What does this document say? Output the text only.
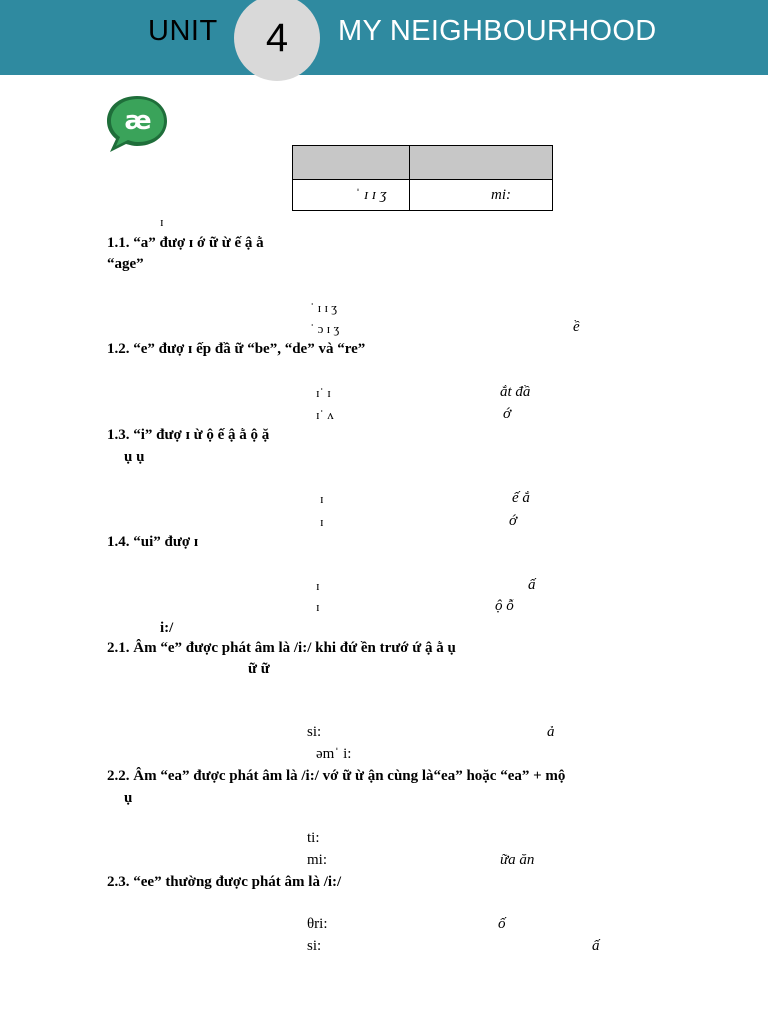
UNIT	4	MY NEIGHBOURHOOD
æ

ˈ ɪ ɪ ʒ	mi:
ɪ
1.1. “a” đượ ɪ ớ ữ ừ ế ậ ằ
“age”
ˈ ɪ ɪ ʒ
ˈ ɔ ɪ ʒ	ề
1.2. “e” đượ ɪ ếp đầ ữ “be”, “de” và “re”
ɪˈ ɪ	ắt đầ
ɪˈ ʌ	ớ
1.3. “i” đượ ɪ ừ ộ ế ậ ằ ộ ặ
ụ ụ
ɪ	ế ắ
ɪ	ớ
1.4. “ui” đượ ɪ
ɪ	ấ
ɪ	ộ ỗ
i:/
2.1. Âm “e” được phát âm là /i:/ khi đứ ền trướ ứ ậ ằ ụ
ữ ữ
si:	ả
əmˈ i:
2.2. Âm “ea” được phát âm là /i:/ vớ ữ ừ ận cùng là“ea” hoặc “ea” + mộ
ụ
ti:
mi:	ữa ăn
2.3. “ee” thường được phát âm là /i:/
θri:	ố
si:	ấ
